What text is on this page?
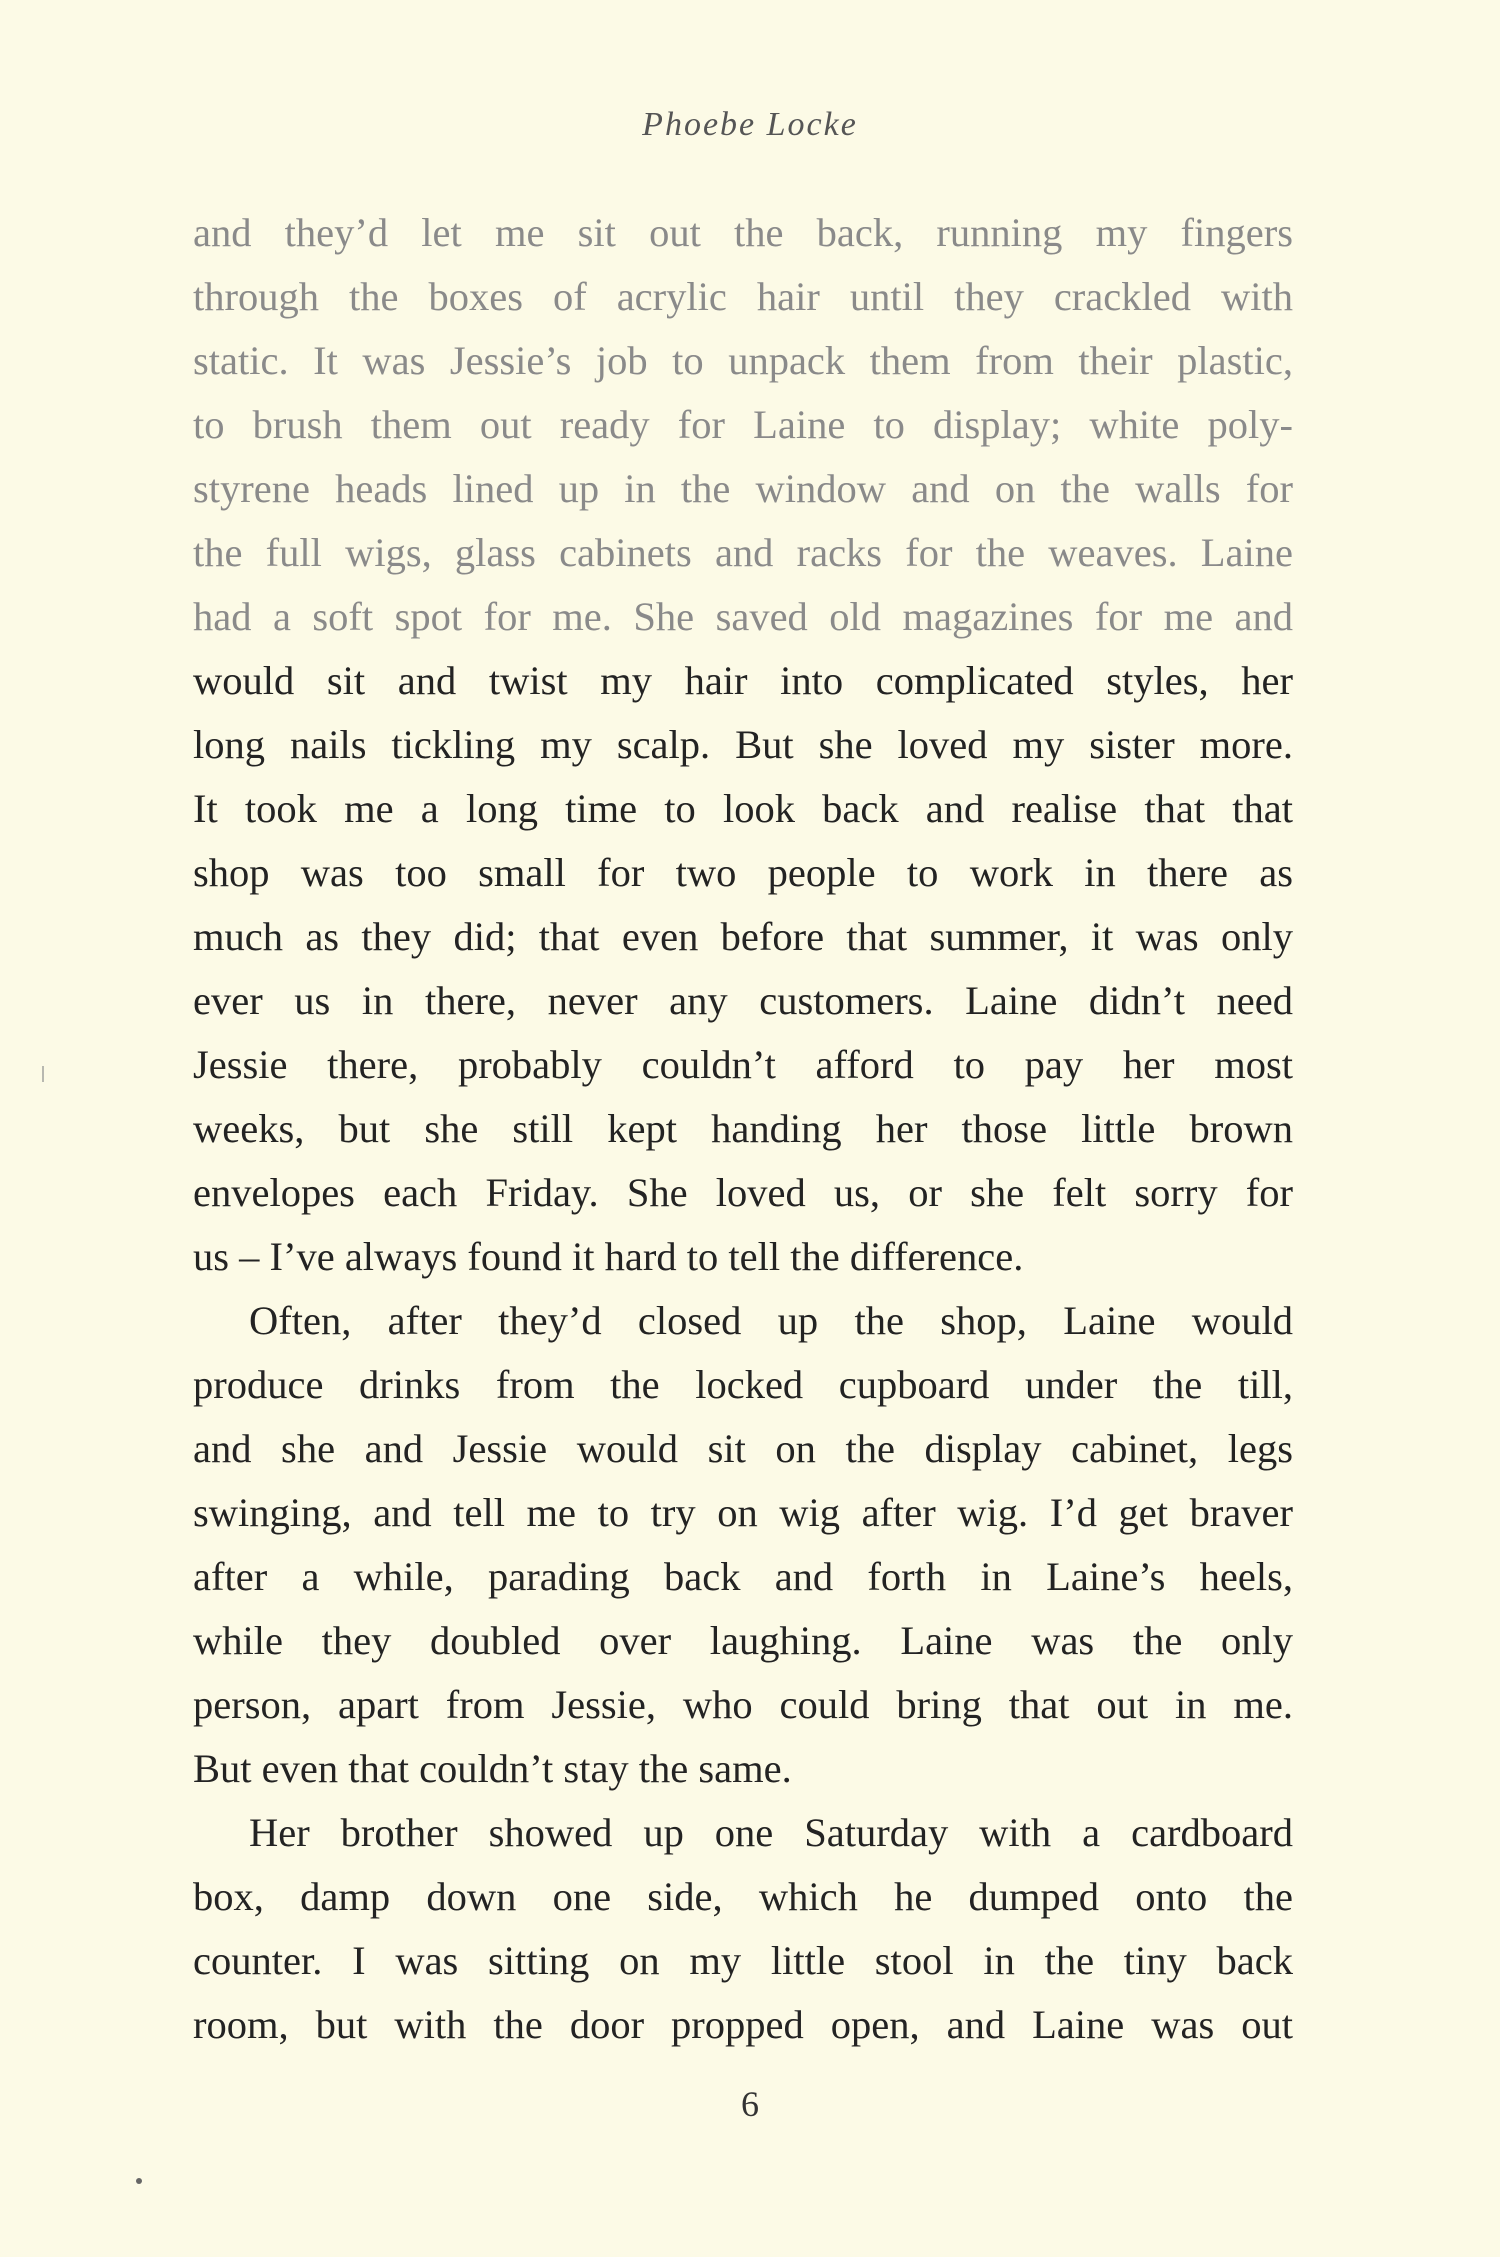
Phoebe Locke
and they’d let me sit out the back, running my fingers
through the boxes of acrylic hair until they crackled with
static. It was Jessie’s job to unpack them from their plastic,
to brush them out ready for Laine to display; white poly-
styrene heads lined up in the window and on the walls for
the full wigs, glass cabinets and racks for the weaves. Laine
had a soft spot for me. She saved old magazines for me and
would sit and twist my hair into complicated styles, her
long nails tickling my scalp. But she loved my sister more.
It took me a long time to look back and realise that that
shop was too small for two people to work in there as
much as they did; that even before that summer, it was only
ever us in there, never any customers. Laine didn’t need
Jessie there, probably couldn’t afford to pay her most
weeks, but she still kept handing her those little brown
envelopes each Friday. She loved us, or she felt sorry for
us – I’ve always found it hard to tell the difference.
Often, after they’d closed up the shop, Laine would
produce drinks from the locked cupboard under the till,
and she and Jessie would sit on the display cabinet, legs
swinging, and tell me to try on wig after wig. I’d get braver
after a while, parading back and forth in Laine’s heels,
while they doubled over laughing. Laine was the only
person, apart from Jessie, who could bring that out in me.
But even that couldn’t stay the same.
Her brother showed up one Saturday with a cardboard
box, damp down one side, which he dumped onto the
counter. I was sitting on my little stool in the tiny back
room, but with the door propped open, and Laine was out
6
